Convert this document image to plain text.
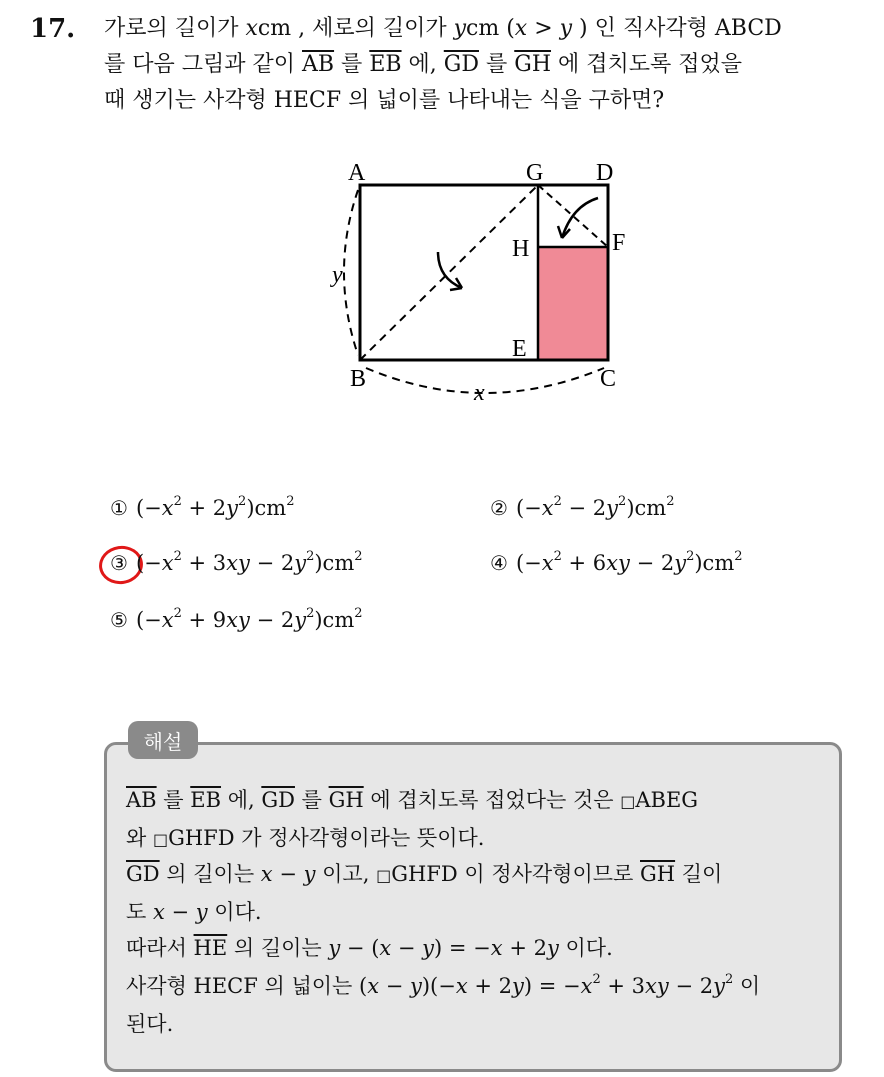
17. 가로의 길이가 xcm , 세로의 길이가 ycm (x > y ) 인 직사각형 ABCD
를 다음 그림과 같이 $\overline{AB}$ 를 $\overline{EB}$ 에, $\overline{GD}$ 를 $\overline{GH}$ 에 겹치도록 접었을
때 생기는 사각형 HECF 의 넓이를 나타내는 식을 구하면?
A	G D
H	F
E
B	C
x
y
① $(-x^2 + 2y^2)cm^2$	② $(-x^2 - 2y^2)cm^2$
③ $(-x^2 + 3xy - 2y^2)cm^2$	④ $(-x^2 + 6xy - 2y^2)cm^2$
⑤ $(-x^2 + 9xy - 2y^2)cm^2$
해설
$\overline{AB}$ 를 $\overline{EB}$ 에, $\overline{GD}$ 를 $\overline{GH}$ 에 겹치도록 접었다는 것은 □ABEG
와 □GHFD 가 정사각형이라는 뜻이다.
$\overline{GD}$ 의 길이는 x − y 이고, □GHFD 이 정사각형이므로 $\overline{GH}$ 길이
도 x − y 이다.
따라서 $\overline{HE}$ 의 길이는 y − (x − y) = −x + 2y 이다.
사각형 HECF 의 넓이는 $(x - y)(-x + 2y) = -x^2 + 3xy - 2y^2$ 이
된다.
